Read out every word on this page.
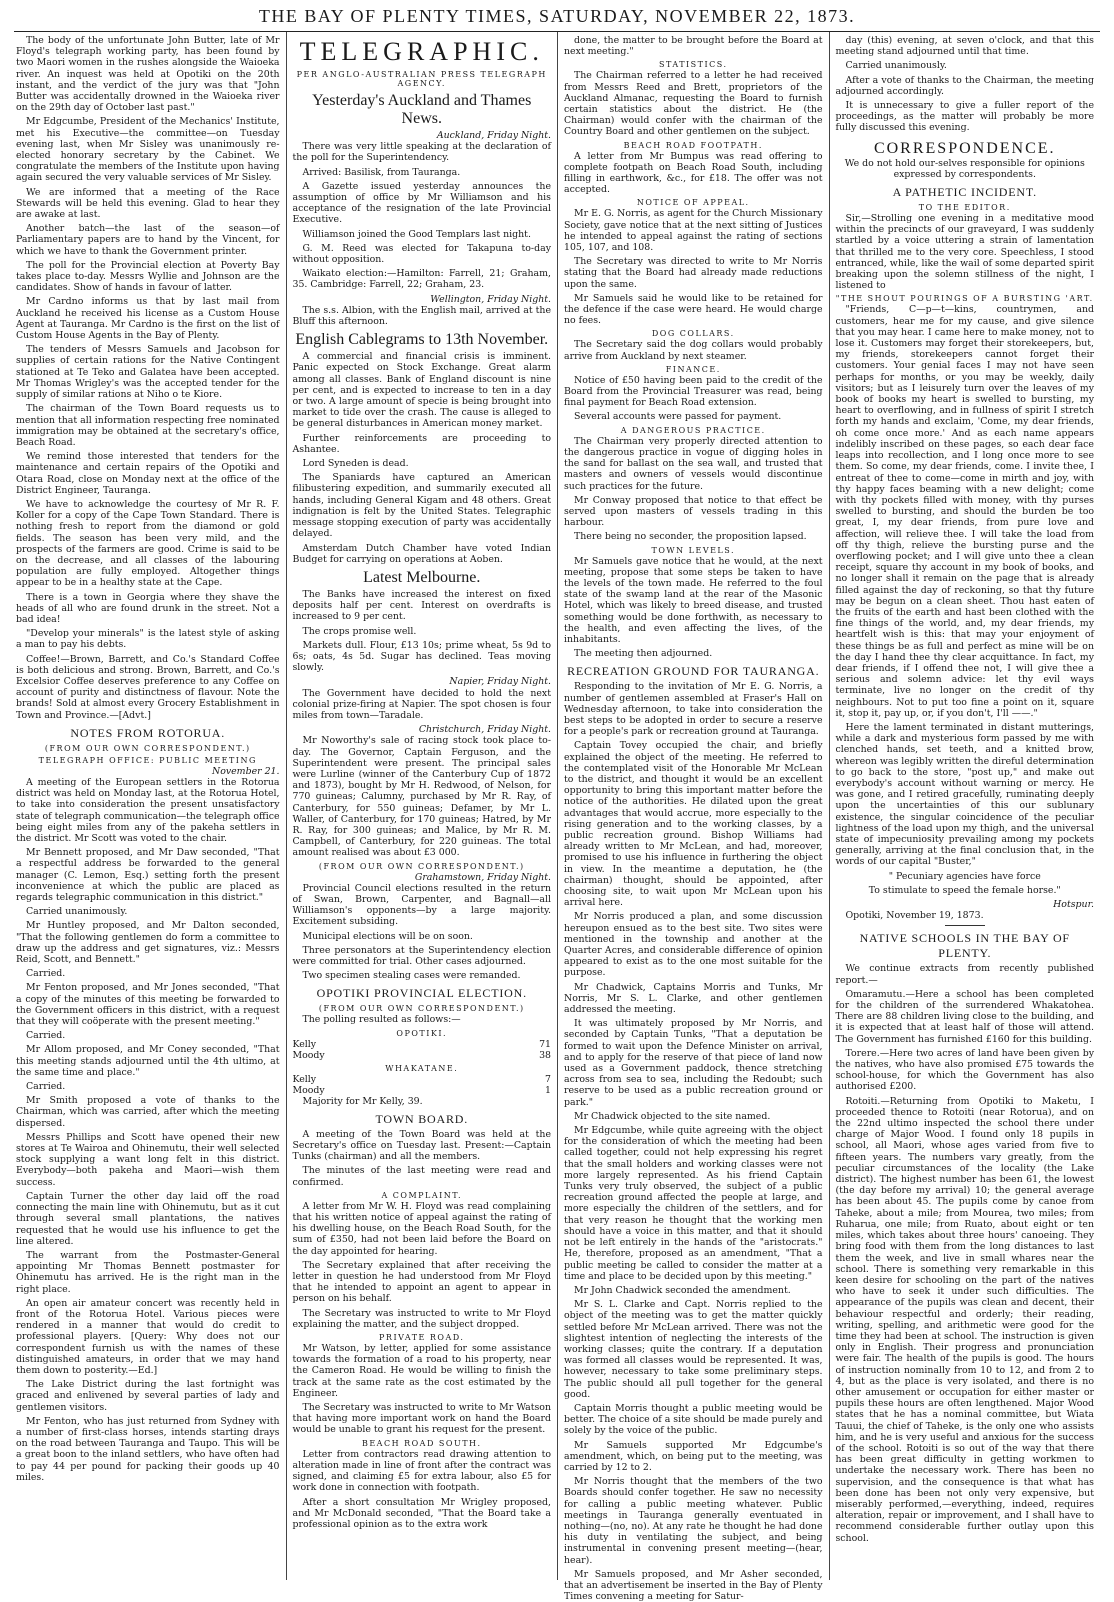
THE BAY OF PLENTY TIMES, SATURDAY, NOVEMBER 22, 1873.

The body of the unfortunate John Butter, late of Mr Floyd's telegraph working party, has been found by two Maori women in the rushes alongside the Waioeka river. An inquest was held at Opotiki on the 20th instant, and the verdict of the jury was that "John Butter was accidentally drowned in the Waioeka river on the 29th day of October last past."

Mr Edgcumbe, President of the Mechanics' Institute, met his Executive—the committee—on Tuesday evening last, when Mr Sisley was unanimously re-elected honorary secretary by the Cabinet. We congratulate the members of the Institute upon having again secured the very valuable services of Mr Sisley.

We are informed that a meeting of the Race Stewards will be held this evening. Glad to hear they are awake at last.

Another batch—the last of the season—of Parliamentary papers are to hand by the Vincent, for which we have to thank the Government printer.

The poll for the Provincial election at Poverty Bay takes place to-day. Messrs Wyllie and Johnson are the candidates. Show of hands in favour of latter.

Mr Cardno informs us that by last mail from Auckland he received his license as a Custom House Agent at Tauranga. Mr Cardno is the first on the list of Custom House Agents in the Bay of Plenty.

The tenders of Messrs Samuels and Jacobson for supplies of certain rations for the Native Contingent stationed at Te Teko and Galatea have been accepted. Mr Thomas Wrigley's was the accepted tender for the supply of similar rations at Niho o te Kiore.

The chairman of the Town Board requests us to mention that all information respecting free nominated immigration may be obtained at the secretary's office, Beach Road.

We remind those interested that tenders for the maintenance and certain repairs of the Opotiki and Otara Road, close on Monday next at the office of the District Engineer, Tauranga.

We have to acknowledge the courtesy of Mr R. F. Koller for a copy of the Cape Town Standard. There is nothing fresh to report from the diamond or gold fields. The season has been very mild, and the prospects of the farmers are good. Crime is said to be on the decrease, and all classes of the labouring population are fully employed. Altogether things appear to be in a healthy state at the Cape.

There is a town in Georgia where they shave the heads of all who are found drunk in the street. Not a bad idea!

"Develop your minerals" is the latest style of asking a man to pay his debts.

Coffee!—Brown, Barrett, and Co.'s Standard Coffee is both delicious and strong. Brown, Barrett, and Co.'s Excelsior Coffee deserves preference to any Coffee on account of purity and distinctness of flavour. Note the brands! Sold at almost every Grocery Establishment in Town and Province.—[Advt.]

NOTES FROM ROTORUA.
(FROM OUR OWN CORRESPONDENT.)
TELEGRAPH OFFICE: PUBLIC MEETING
November 21.

A meeting of the European settlers in the Rotorua district was held on Monday last, at the Rotorua Hotel, to take into consideration the present unsatisfactory state of telegraph communication—the telegraph office being eight miles from any of the pakeha settlers in the district. Mr Scott was voted to the chair.

Mr Bennett proposed, and Mr Daw seconded, "That a respectful address be forwarded to the general manager (C. Lemon, Esq.) setting forth the present inconvenience at which the public are placed as regards telegraphic communication in this district."

Carried unanimously.

Mr Huntley proposed, and Mr Dalton seconded, "That the following gentlemen do form a committee to draw up the address and get signatures, viz.: Messrs Reid, Scott, and Bennett."

Carried.

Mr Fenton proposed, and Mr Jones seconded, "That a copy of the minutes of this meeting be forwarded to the Government officers in this district, with a request that they will coöperate with the present meeting."

Carried.

Mr Allom proposed, and Mr Coney seconded, "That this meeting stands adjourned until the 4th ultimo, at the same time and place."

Carried.

Mr Smith proposed a vote of thanks to the Chairman, which was carried, after which the meeting dispersed.

Messrs Phillips and Scott have opened their new stores at Te Wairoa and Ohinemutu, their well selected stock supplying a want long felt in this district. Everybody—both pakeha and Maori—wish them success.

Captain Turner the other day laid off the road connecting the main line with Ohinemutu, but as it cut through several small plantations, the natives requested that he would use his influence to get the line altered.

The warrant from the Postmaster-General appointing Mr Thomas Bennett postmaster for Ohinemutu has arrived. He is the right man in the right place.

An open air amateur concert was recently held in front of the Rotorua Hotel. Various pieces were rendered in a manner that would do credit to professional players. [Query: Why does not our correspondent furnish us with the names of these distinguished amateurs, in order that we may hand them down to posterity.—Ed.]

The Lake District during the last fortnight was graced and enlivened by several parties of lady and gentlemen visitors.

Mr Fenton, who has just returned from Sydney with a number of first-class horses, intends starting drays on the road between Tauranga and Taupo. This will be a great boon to the inland settlers, who have often had to pay 44 per pound for packing their goods up 40 miles.

TELEGRAPHIC.
PER ANGLO-AUSTRALIAN PRESS TELEGRAPH AGENCY.
Yesterday's Auckland and Thames News.
Auckland, Friday Night.

There was very little speaking at the declaration of the poll for the Superintendency.

Arrived: Basilisk, from Tauranga.

A Gazette issued yesterday announces the assumption of office by Mr Williamson and his acceptance of the resignation of the late Provincial Executive.

Williamson joined the Good Templars last night.

G. M. Reed was elected for Takapuna to-day without opposition.

Waikato election:—Hamilton: Farrell, 21; Graham, 35. Cambridge: Farrell, 22; Graham, 23.

Wellington, Friday Night.

The s.s. Albion, with the English mail, arrived at the Bluff this afternoon.

English Cablegrams to 13th November.

A commercial and financial crisis is imminent. Panic expected on Stock Exchange. Great alarm among all classes. Bank of England discount is nine per cent, and is expected to increase to ten in a day or two. A large amount of specie is being brought into market to tide over the crash. The cause is alleged to be general disturbances in American money market.

Further reinforcements are proceeding to Ashantee.

Lord Syneden is dead.

The Spaniards have captured an American filibustering expedition, and summarily executed all hands, including General Kigam and 48 others. Great indignation is felt by the United States. Telegraphic message stopping execution of party was accidentally delayed.

Amsterdam Dutch Chamber have voted Indian Budget for carrying on operations at Aoben.

Latest Melbourne.

The Banks have increased the interest on fixed deposits half per cent. Interest on overdrafts is increased to 9 per cent.

The crops promise well.

Markets dull. Flour, £13 10s; prime wheat, 5s 9d to 6s; oats, 4s 5d. Sugar has declined. Teas moving slowly.

Napier, Friday Night.

The Government have decided to hold the next colonial prize-firing at Napier. The spot chosen is four miles from town—Taradale.

Christchurch, Friday Night.

Mr Noworthy's sale of racing stock took place to-day. The Governor, Captain Ferguson, and the Superintendent were present. The principal sales were Lurline (winner of the Canterbury Cup of 1872 and 1873), bought by Mr H. Redwood, of Nelson, for 770 guineas; Calumny, purchased by Mr R. Ray, of Canterbury, for 550 guineas; Defamer, by Mr L. Waller, of Canterbury, for 170 guineas; Hatred, by Mr R. Ray, for 300 guineas; and Malice, by Mr R. M. Campbell, of Canterbury, for 220 guineas. The total amount realised was about £3 000.

(FROM OUR OWN CORRESPONDENT.)
Grahamstown, Friday Night.

Provincial Council elections resulted in the return of Swan, Brown, Carpenter, and Bagnall—all Williamson's opponents—by a large majority. Excitement subsiding.

Municipal elections will be on soon.

Three personators at the Superintendency election were committed for trial. Other cases adjourned.

Two specimen stealing cases were remanded.

OPOTIKI PROVINCIAL ELECTION.
(FROM OUR OWN CORRESPONDENT.)

The polling resulted as follows:—

OPOTIKI.
Kelly	71
Moody	38
WHAKATANE.
Kelly	7
Moody	1

Majority for Mr Kelly, 39.

TOWN BOARD.

A meeting of the Town Board was held at the Secretary's office on Tuesday last. Present:—Captain Tunks (chairman) and all the members.

The minutes of the last meeting were read and confirmed.

A COMPLAINT.

A letter from Mr W. H. Floyd was read complaining that his written notice of appeal against the rating of his dwelling house, on the Beach Road South, for the sum of £350, had not been laid before the Board on the day appointed for hearing.

The Secretary explained that after receiving the letter in question he had understood from Mr Floyd that he intended to appoint an agent to appear in person on his behalf.

The Secretary was instructed to write to Mr Floyd explaining the matter, and the subject dropped.

PRIVATE ROAD.

Mr Watson, by letter, applied for some assistance towards the formation of a road to his property, near the Cameron Road. He would be willing to finish the track at the same rate as the cost estimated by the Engineer.

The Secretary was instructed to write to Mr Watson that having more important work on hand the Board would be unable to grant his request for the present.

BEACH ROAD SOUTH.

Letter from contractors read drawing attention to alteration made in line of front after the contract was signed, and claiming £5 for extra labour, also £5 for work done in connection with footpath.

After a short consultation Mr Wrigley proposed, and Mr McDonald seconded, "That the Board take a professional opinion as to the extra work

done, the matter to be brought before the Board at next meeting."

STATISTICS.

The Chairman referred to a letter he had received from Messrs Reed and Brett, proprietors of the Auckland Almanac, requesting the Board to furnish certain statistics about the district. He (the Chairman) would confer with the chairman of the Country Board and other gentlemen on the subject.

BEACH ROAD FOOTPATH.

A letter from Mr Bumpus was read offering to complete footpath on Beach Road South, including filling in earthwork, &c., for £18. The offer was not accepted.

NOTICE OF APPEAL.

Mr E. G. Norris, as agent for the Church Missionary Society, gave notice that at the next sitting of Justices he intended to appeal against the rating of sections 105, 107, and 108.

The Secretary was directed to write to Mr Norris stating that the Board had already made reductions upon the same.

Mr Samuels said he would like to be retained for the defence if the case were heard. He would charge no fees.

DOG COLLARS.

The Secretary said the dog collars would probably arrive from Auckland by next steamer.

FINANCE.

Notice of £50 having been paid to the credit of the Board from the Provincial Treasurer was read, being final payment for Beach Road extension.

Several accounts were passed for payment.

A DANGEROUS PRACTICE.

The Chairman very properly directed attention to the dangerous practice in vogue of digging holes in the sand for ballast on the sea wall, and trusted that masters and owners of vessels would discontinue such practices for the future.

Mr Conway proposed that notice to that effect be served upon masters of vessels trading in this harbour.

There being no seconder, the proposition lapsed.

TOWN LEVELS.

Mr Samuels gave notice that he would, at the next meeting, propose that some steps be taken to have the levels of the town made. He referred to the foul state of the swamp land at the rear of the Masonic Hotel, which was likely to breed disease, and trusted something would be done forthwith, as necessary to the health, and even affecting the lives, of the inhabitants.

The meeting then adjourned.

RECREATION GROUND FOR TAURANGA.

Responding to the invitation of Mr E. G. Norris, a number of gentlemen assembled at Fraser's Hall on Wednesday afternoon, to take into consideration the best steps to be adopted in order to secure a reserve for a people's park or recreation ground at Tauranga.

Captain Tovey occupied the chair, and briefly explained the object of the meeting. He referred to the contemplated visit of the Honorable Mr McLean to the district, and thought it would be an excellent opportunity to bring this important matter before the notice of the authorities. He dilated upon the great advantages that would accrue, more especially to the rising generation and to the working classes, by a public recreation ground. Bishop Williams had already written to Mr McLean, and had, moreover, promised to use his influence in furthering the object in view. In the meantime a deputation, he (the chairman) thought, should be appointed, after choosing site, to wait upon Mr McLean upon his arrival here.

Mr Norris produced a plan, and some discussion hereupon ensued as to the best site. Two sites were mentioned in the township and another at the Quarter Acres, and considerable difference of opinion appeared to exist as to the one most suitable for the purpose.

Mr Chadwick, Captains Morris and Tunks, Mr Norris, Mr S. L. Clarke, and other gentlemen addressed the meeting.

It was ultimately proposed by Mr Norris, and seconded by Captain Tunks, "That a deputation be formed to wait upon the Defence Minister on arrival, and to apply for the reserve of that piece of land now used as a Government paddock, thence stretching across from sea to sea, including the Redoubt; such reserve to be used as a public recreation ground or park."

Mr Chadwick objected to the site named.

Mr Edgcumbe, while quite agreeing with the object for the consideration of which the meeting had been called together, could not help expressing his regret that the small holders and working classes were not more largely represented. As his friend Captain Tunks very truly observed, the subject of a public recreation ground affected the people at large, and more especially the children of the settlers, and for that very reason he thought that the working men should have a voice in this matter, and that it should not be left entirely in the hands of the "aristocrats." He, therefore, proposed as an amendment, "That a public meeting be called to consider the matter at a time and place to be decided upon by this meeting."

Mr John Chadwick seconded the amendment.

Mr S. L. Clarke and Capt. Norris replied to the object of the meeting was to get the matter quickly settled before Mr McLean arrived. There was not the slightest intention of neglecting the interests of the working classes; quite the contrary. If a deputation was formed all classes would be represented. It was, however, necessary to take some preliminary steps. The public should all pull together for the general good.

Captain Morris thought a public meeting would be better. The choice of a site should be made purely and solely by the voice of the public.

Mr Samuels supported Mr Edgcumbe's amendment, which, on being put to the meeting, was carried by 12 to 2.

Mr Norris thought that the members of the two Boards should confer together. He saw no necessity for calling a public meeting whatever. Public meetings in Tauranga generally eventuated in nothing—(no, no). At any rate he thought he had done his duty in ventilating the subject, and being instrumental in convening present meeting—(hear, hear).

Mr Samuels proposed, and Mr Asher seconded, that an advertisement be inserted in the Bay of Plenty Times convening a meeting for Satur-

day (this) evening, at seven o'clock, and that this meeting stand adjourned until that time.

Carried unanimously.

After a vote of thanks to the Chairman, the meeting adjourned accordingly.

It is unnecessary to give a fuller report of the proceedings, as the matter will probably be more fully discussed this evening.

CORRESPONDENCE.

We do not hold our-selves responsible for opinions expressed by correspondents.

A PATHETIC INCIDENT.
TO THE EDITOR.

Sir,—Strolling one evening in a meditative mood within the precincts of our graveyard, I was suddenly startled by a voice uttering a strain of lamentation that thrilled me to the very core. Speechless, I stood entranced, while, like the wail of some departed spirit breaking upon the solemn stillness of the night, I listened to

"THE SHOUT POURINGS OF A BURSTING 'ART.

"Friends, C—p—t—kins, countrymen, and customers, hear me for my cause, and give silence that you may hear. I came here to make money, not to lose it. Customers may forget their storekeepers, but, my friends, storekeepers cannot forget their customers. Your genial faces I may not have seen perhaps for months, or you may be weekly, daily visitors; but as I leisurely turn over the leaves of my book of books my heart is swelled to bursting, my heart to overflowing, and in fullness of spirit I stretch forth my hands and exclaim, 'Come, my dear friends, oh come once more.' And as each name appears indelibly inscribed on these pages, so each dear face leaps into recollection, and I long once more to see them. So come, my dear friends, come. I invite thee, I entreat of thee to come—come in mirth and joy, with thy happy faces beaming with a new delight; come with thy pockets filled with money, with thy purses swelled to bursting, and should the burden be too great, I, my dear friends, from pure love and affection, will relieve thee. I will take the load from off thy thigh, relieve the bursting purse and the overflowing pocket; and I will give unto thee a clean receipt, square thy account in my book of books, and no longer shall it remain on the page that is already filled against the day of reckoning, so that thy future may be begun on a clean sheet. Thou hast eaten of the fruits of the earth and hast been clothed with the fine things of the world, and, my dear friends, my heartfelt wish is this: that may your enjoyment of these things be as full and perfect as mine will be on the day I hand thee thy clear acquittance. In fact, my dear friends, if I offend thee not, I will give thee a serious and solemn advice: let thy evil ways terminate, live no longer on the credit of thy neighbours. Not to put too fine a point on it, square it, stop it, pay up, or, if you don't, I'll ——."

Here the lament terminated in distant mutterings, while a dark and mysterious form passed by me with clenched hands, set teeth, and a knitted brow, whereon was legibly written the direful determination to go back to the store, "post up," and make out everybody's account without warning or mercy. He was gone, and I retired gracefully, ruminating deeply upon the uncertainties of this our sublunary existence, the singular coincidence of the peculiar lightness of the load upon my thigh, and the universal state of impecuniosity prevailing among my pockets generally, arriving at the final conclusion that, in the words of our capital "Buster,"

" Pecuniary agencies have force

To stimulate to speed the female horse."

Hotspur.

Opotiki, November 19, 1873.

NATIVE SCHOOLS IN THE BAY OF PLENTY.

We continue extracts from recently published report.—

Omaramutu.—Here a school has been completed for the children of the surrendered Whakatohea. There are 88 children living close to the building, and it is expected that at least half of those will attend. The Government has furnished £160 for this building.

Torere.—Here two acres of land have been given by the natives, who have also promised £75 towards the school-house, for which the Government has also authorised £200.

Rotoiti.—Returning from Opotiki to Maketu, I proceeded thence to Rotoiti (near Rotorua), and on the 22nd ultimo inspected the school there under charge of Major Wood. I found only 18 pupils in school, all Maori, whose ages varied from five to fifteen years. The numbers vary greatly, from the peculiar circumstances of the locality (the Lake district). The highest number has been 61, the lowest (the day before my arrival) 10; the general average has been about 45. The pupils come by canoe from Taheke, about a mile; from Mourea, two miles; from Ruharua, one mile; from Ruato, about eight or ten miles, which takes about three hours' canoeing. They bring food with them from the long distances to last them the week, and live in small whares near the school. There is something very remarkable in this keen desire for schooling on the part of the natives who have to seek it under such difficulties. The appearance of the pupils was clean and decent, their behaviour respectful and orderly; their reading, writing, spelling, and arithmetic were good for the time they had been at school. The instruction is given only in English. Their progress and pronunciation were fair. The health of the pupils is good. The hours of instruction nominally from 10 to 12, and from 2 to 4, but as the place is very isolated, and there is no other amusement or occupation for either master or pupils these hours are often lengthened. Major Wood states that he has a nominal committee, but Wiata Tauui, the chief of Taheke, is the only one who assists him, and he is very useful and anxious for the success of the school. Rotoiti is so out of the way that there has been great difficulty in getting workmen to undertake the necessary work. There has been no supervision, and the consequence is that what has been done has been not only very expensive, but miserably performed,—everything, indeed, requires alteration, repair or improvement, and I shall have to recommend considerable further outlay upon this school.
